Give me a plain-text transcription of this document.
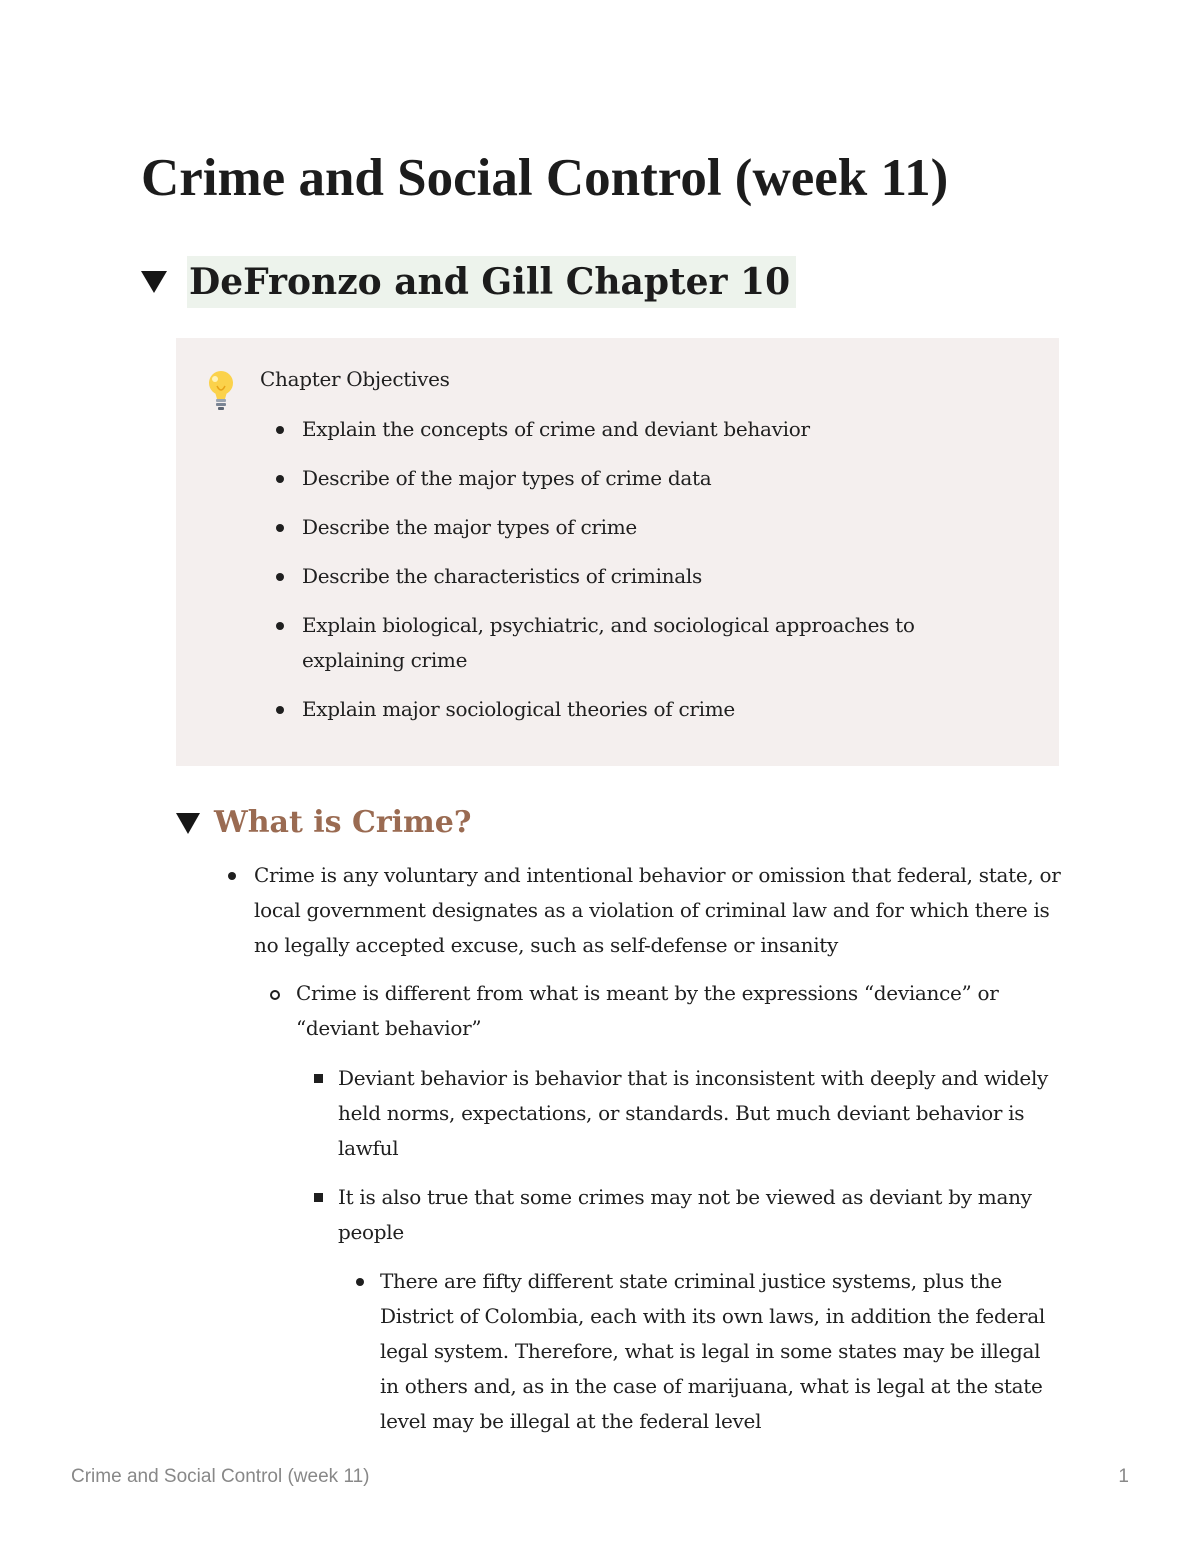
Crime and Social Control (week 11)
DeFronzo and Gill Chapter 10
Chapter Objectives
Explain the concepts of crime and deviant behavior
Describe of the major types of crime data
Describe the major types of crime
Describe the characteristics of criminals
Explain biological, psychiatric, and sociological approaches to explaining crime
Explain major sociological theories of crime
What is Crime?
Crime is any voluntary and intentional behavior or omission that federal, state, or local government designates as a violation of criminal law and for which there is no legally accepted excuse, such as self-defense or insanity
Crime is different from what is meant by the expressions “deviance” or “deviant behavior”
Deviant behavior is behavior that is inconsistent with deeply and widely held norms, expectations, or standards. But much deviant behavior is lawful
It is also true that some crimes may not be viewed as deviant by many people
There are fifty different state criminal justice systems, plus the District of Colombia, each with its own laws, in addition the federal legal system. Therefore, what is legal in some states may be illegal in others and, as in the case of marijuana, what is legal at the state level may be illegal at the federal level
Crime and Social Control (week 11)	1
